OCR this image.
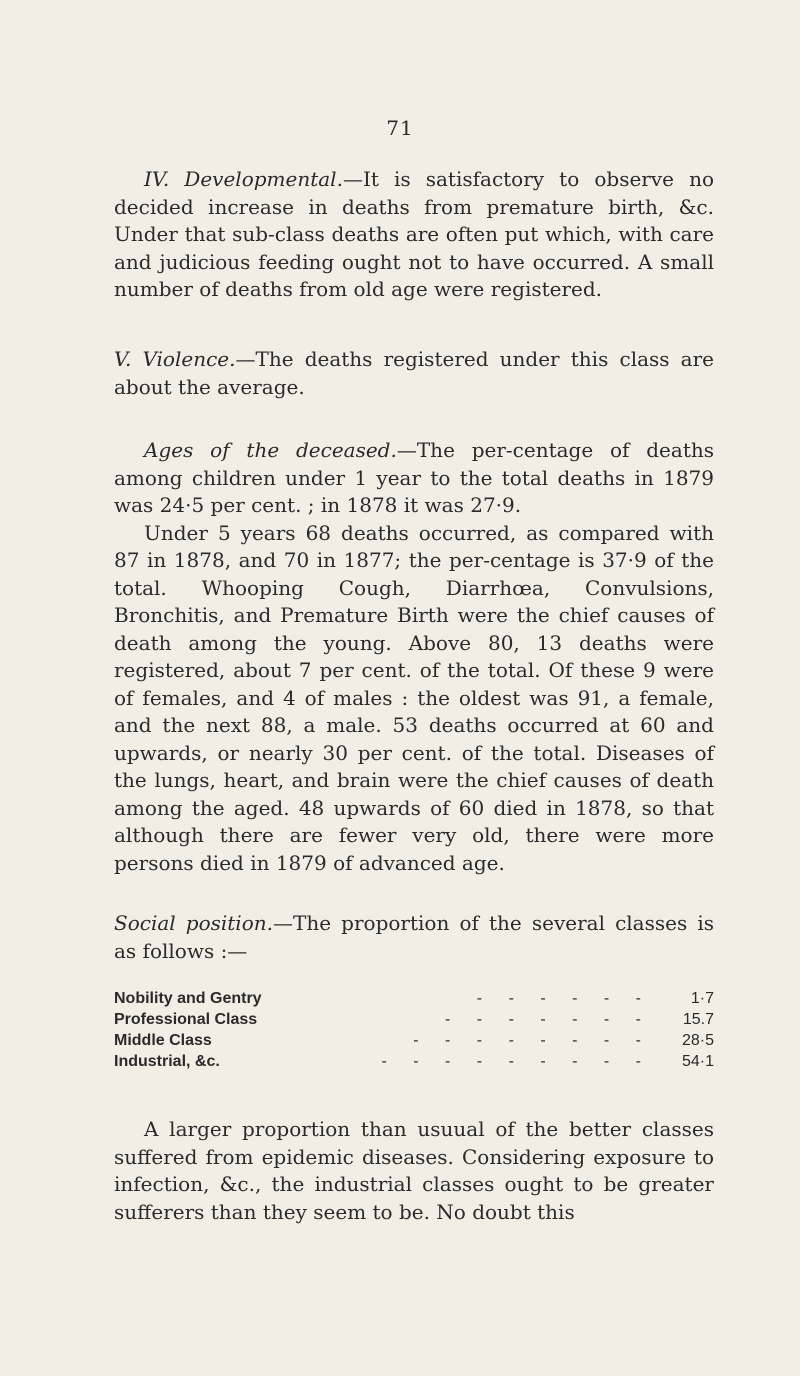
71

IV. Developmental.—It is satisfactory to observe no decided increase in deaths from premature birth, &c. Under that sub-class deaths are often put which, with care and judicious feeding ought not to have occurred. A small number of deaths from old age were registered.

V. Violence.—The deaths registered under this class are about the average.

Ages of the deceased.—The per-centage of deaths among children under 1 year to the total deaths in 1879 was 24·5 per cent. ; in 1878 it was 27·9.

Under 5 years 68 deaths occurred, as compared with 87 in 1878, and 70 in 1877; the per-centage is 37·9 of the total. Whooping Cough, Diarrhœa, Convulsions, Bronchitis, and Premature Birth were the chief causes of death among the young. Above 80, 13 deaths were registered, about 7 per cent. of the total. Of these 9 were of females, and 4 of males : the oldest was 91, a female, and the next 88, a male. 53 deaths occurred at 60 and upwards, or nearly 30 per cent. of the total. Diseases of the lungs, heart, and brain were the chief causes of death among the aged. 48 upwards of 60 died in 1878, so that although there are fewer very old, there were more persons died in 1879 of advanced age.

Social position.—The proportion of the several classes is as follows :—

Nobility and Gentry	- - - - - -	1·7
Professional Class	- - - - - - -	15.7
Middle Class	- - - - - - - -	28·5
Industrial, &c.	- - - - - - - - -	54·1

A larger proportion than usuual of the better classes suffered from epidemic diseases. Considering exposure to infection, &c., the industrial classes ought to be greater sufferers than they seem to be. No doubt this
